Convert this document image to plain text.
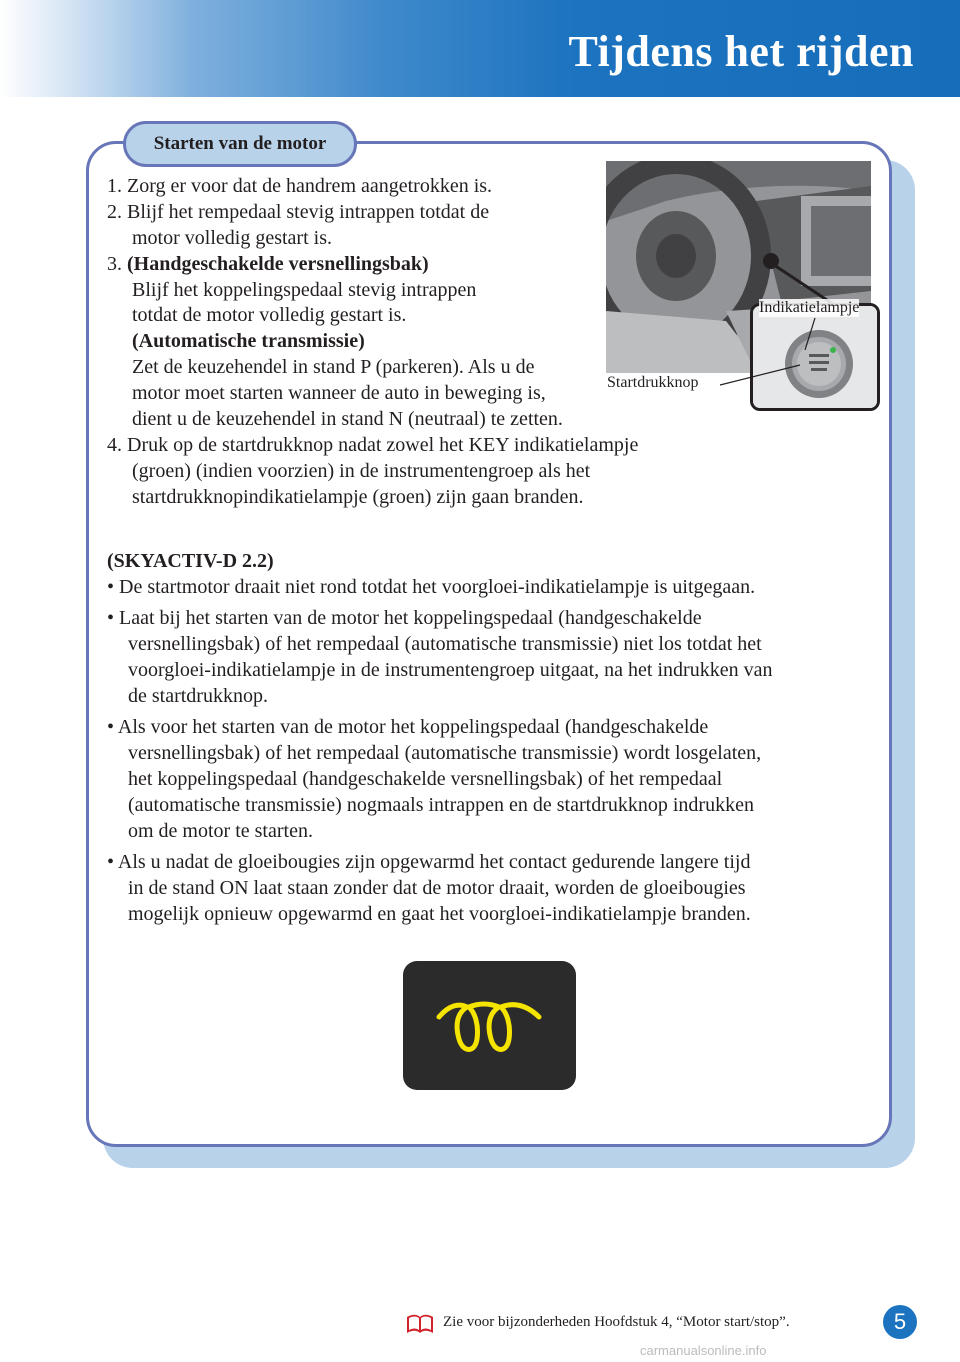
Tijdens het rijden
Starten van de motor
1. Zorg er voor dat de handrem aangetrokken is.
2. Blijf het rempedaal stevig intrappen totdat de
motor volledig gestart is.
3. (Handgeschakelde versnellingsbak)
Blijf het koppelingspedaal stevig intrappen
totdat de motor volledig gestart is.
(Automatische transmissie)
Zet de keuzehendel in stand P (parkeren). Als u de
motor moet starten wanneer de auto in beweging is,
dient u de keuzehendel in stand N (neutraal) te zetten.
4. Druk op de startdrukknop nadat zowel het KEY indikatielampje
(groen) (indien voorzien) in de instrumentengroep als het
startdrukknopindikatielampje (groen) zijn gaan branden.
Indikatielampje
Startdrukknop
(SKYACTIV-D 2.2)
• De startmotor draait niet rond totdat het voorgloei-indikatielampje is uitgegaan.
• Laat bij het starten van de motor het koppelingspedaal (handgeschakelde
versnellingsbak) of het rempedaal (automatische transmissie) niet los totdat het
voorgloei-indikatielampje in de instrumentengroep uitgaat, na het indrukken van
de startdrukknop.
• Als voor het starten van de motor het koppelingspedaal (handgeschakelde
versnellingsbak) of het rempedaal (automatische transmissie) wordt losgelaten,
het koppelingspedaal (handgeschakelde versnellingsbak) of het rempedaal
(automatische transmissie) nogmaals intrappen en de startdrukknop indrukken
om de motor te starten.
• Als u nadat de gloeibougies zijn opgewarmd het contact gedurende langere tijd
in de stand ON laat staan zonder dat de motor draait, worden de gloeibougies
mogelijk opnieuw opgewarmd en gaat het voorgloei-indikatielampje branden.
Zie voor bijzonderheden Hoofdstuk 4, “Motor start/stop”.	5
carmanualsonline.info
